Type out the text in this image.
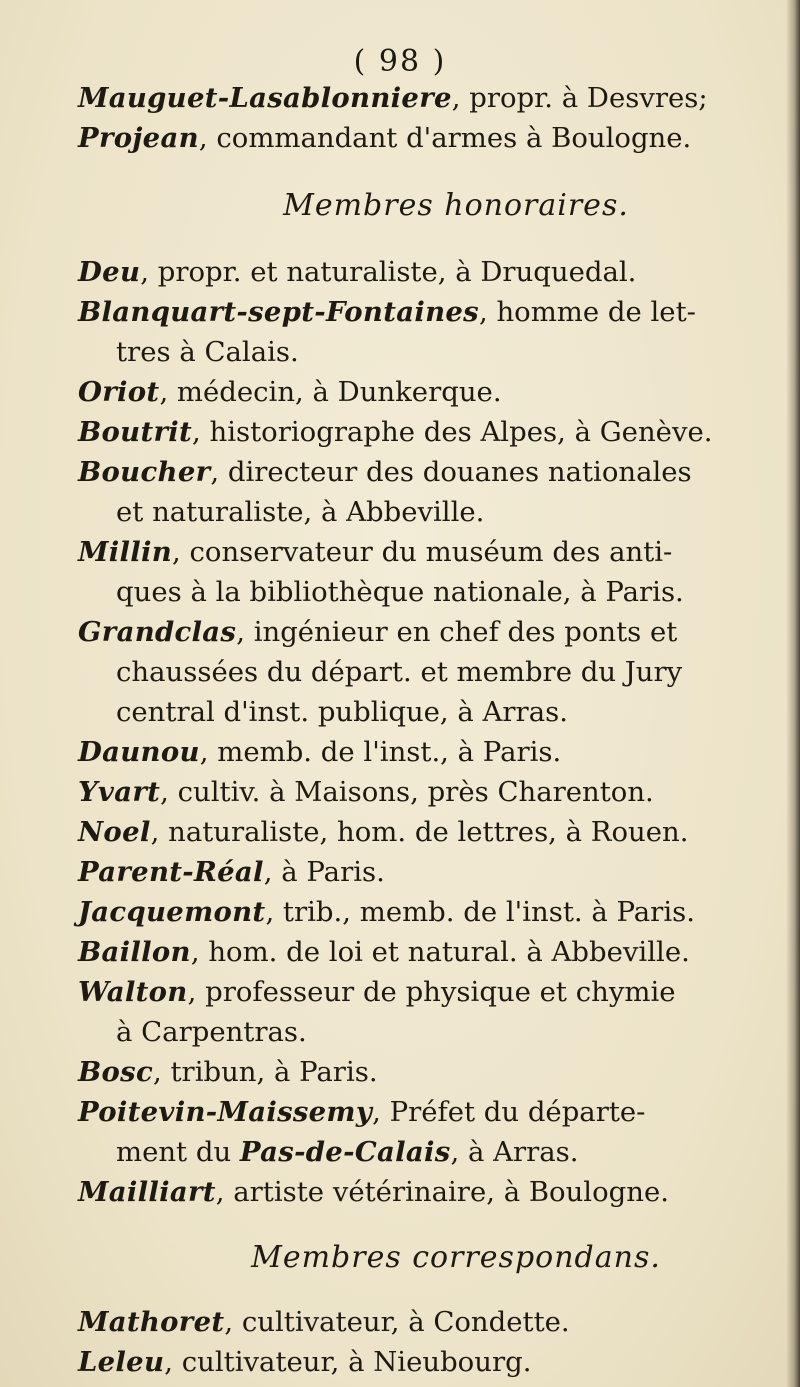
( 98 )
Mauguet-Lasablonniere, propr. à Desvres;
Projean, commandant d'armes à Boulogne.
Membres honoraires.
Deu, propr. et naturaliste, à Druquedal.
Blanquart-sept-Fontaines, homme de let-
tres à Calais.
Oriot, médecin, à Dunkerque.
Boutrit, historiographe des Alpes, à Genève.
Boucher, directeur des douanes nationales
et naturaliste, à Abbeville.
Millin, conservateur du muséum des anti-
ques à la bibliothèque nationale, à Paris.
Grandclas, ingénieur en chef des ponts et
chaussées du départ. et membre du Jury
central d'inst. publique, à Arras.
Daunou, memb. de l'inst., à Paris.
Yvart, cultiv. à Maisons, près Charenton.
Noel, naturaliste, hom. de lettres, à Rouen.
Parent-Réal, à Paris.
Jacquemont, trib., memb. de l'inst. à Paris.
Baillon, hom. de loi et natural. à Abbeville.
Walton, professeur de physique et chymie
à Carpentras.
Bosc, tribun, à Paris.
Poitevin-Maissemy, Préfet du départe-
ment du Pas-de-Calais, à Arras.
Mailliart, artiste vétérinaire, à Boulogne.
Membres correspondans.
Mathoret, cultivateur, à Condette.
Leleu, cultivateur, à Nieubourg.
